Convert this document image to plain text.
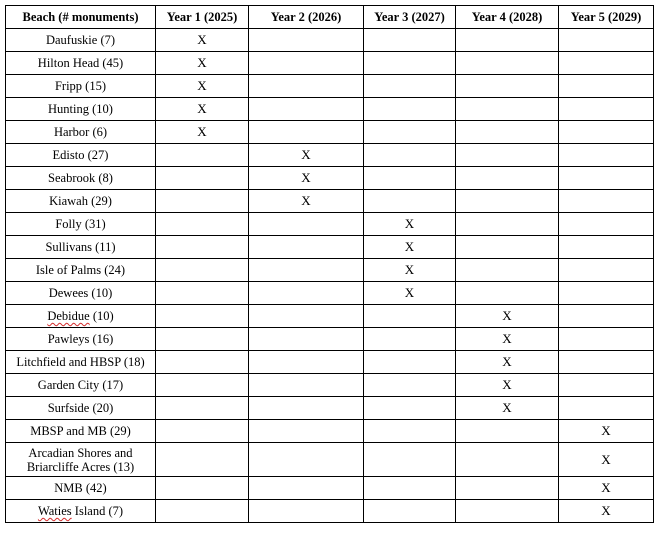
Beach (# monuments)	Year 1 (2025)	Year 2 (2026)	Year 3 (2027)	Year 4 (2028)	Year 5 (2029)
Daufuskie (7)	X				
Hilton Head (45)	X				
Fripp (15)	X				
Hunting (10)	X				
Harbor (6)	X				
Edisto (27)		X			
Seabrook (8)		X			
Kiawah (29)		X			
Folly (31)			X		
Sullivans (11)			X		
Isle of Palms (24)			X		
Dewees (10)			X		
Debidue (10)				X	
Pawleys (16)				X	
Litchfield and HBSP (18)				X	
Garden City (17)				X	
Surfside (20)				X	
MBSP and MB (29)					X
Arcadian Shores and
Briarcliffe Acres (13)					X
NMB (42)					X
Waties Island (7)					X
